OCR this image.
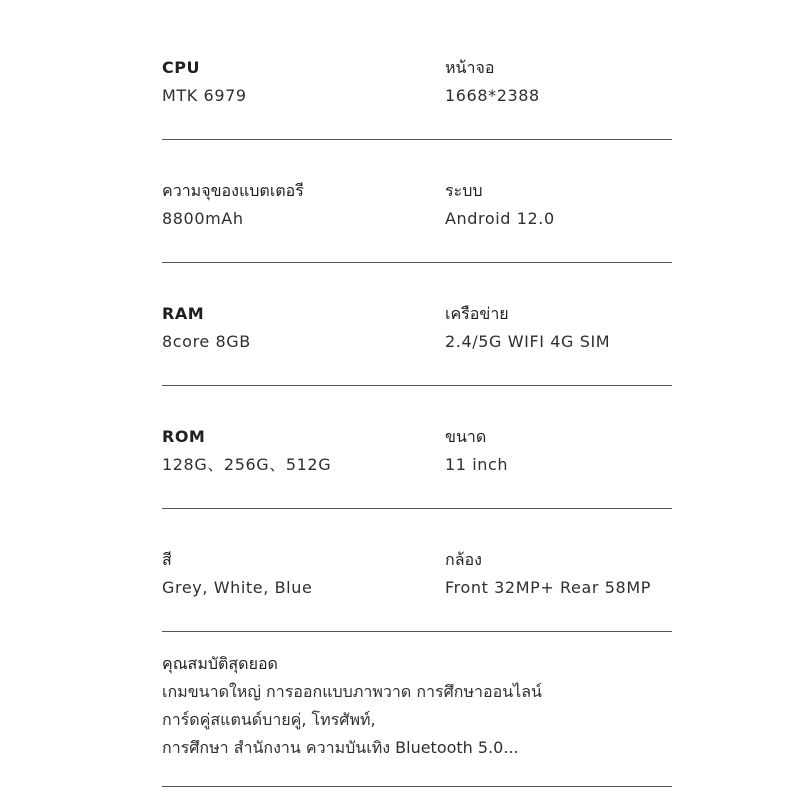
CPU
MTK 6979
หน้าจอ
1668*2388
ความจุของแบตเตอรี
8800mAh
ระบบ
Android 12.0
RAM
8core 8GB
เครือข่าย
2.4/5G WIFI 4G SIM
ROM
128G、256G、512G
ขนาด
11 inch
สี
Grey, White, Blue
กล้อง
Front 32MP+ Rear 58MP
คุณสมบัติสุดยอด
เกมขนาดใหญ่ การออกแบบภาพวาด การศึกษาออนไลน์
การ์ดคู่สแตนด์บายคู่, โทรศัพท์,
การศึกษา สำนักงาน ความบันเทิง Bluetooth 5.0...
